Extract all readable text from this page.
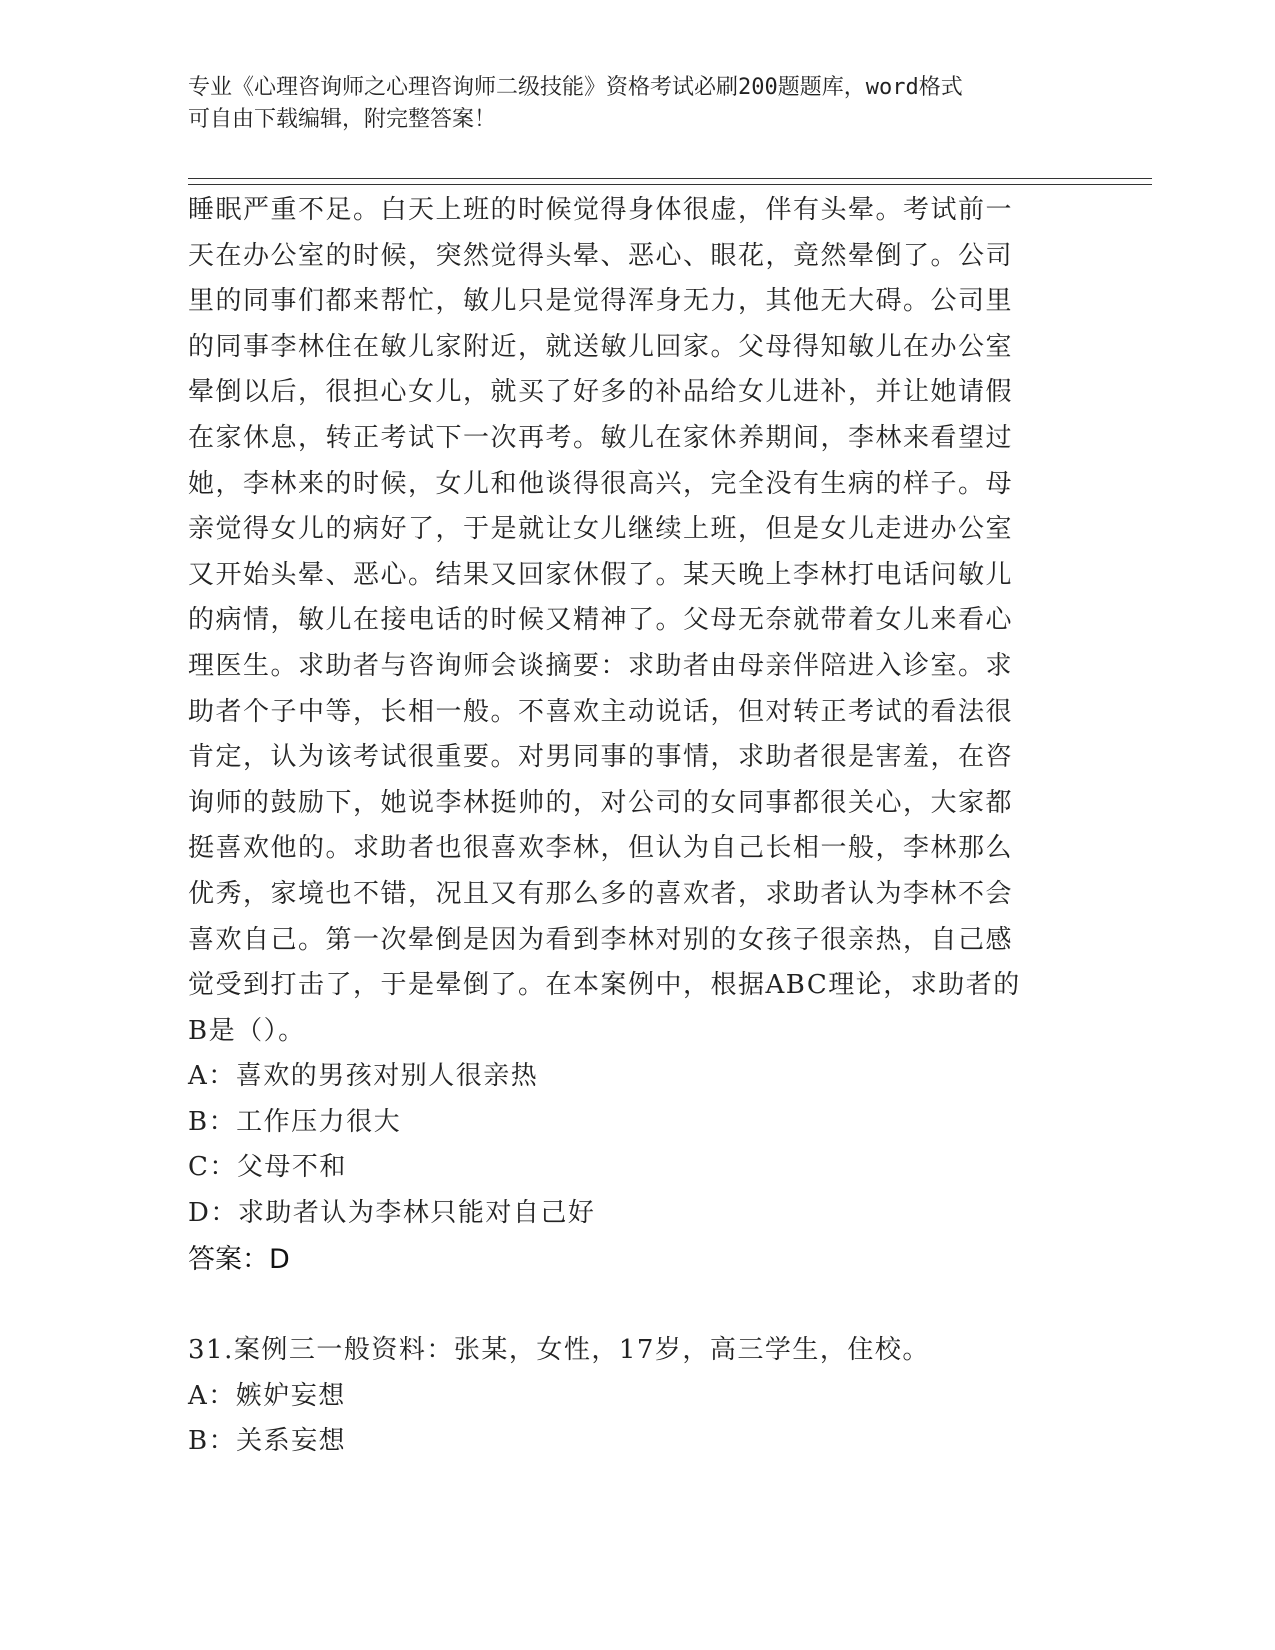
专业《心理咨询师之心理咨询师二级技能》资格考试必刷200题题库，word格式
可自由下载编辑，附完整答案！
睡眠严重不足。白天上班的时候觉得身体很虚，伴有头晕。考试前一
天在办公室的时候，突然觉得头晕、恶心、眼花，竟然晕倒了。公司
里的同事们都来帮忙，敏儿只是觉得浑身无力，其他无大碍。公司里
的同事李林住在敏儿家附近，就送敏儿回家。父母得知敏儿在办公室
晕倒以后，很担心女儿，就买了好多的补品给女儿进补，并让她请假
在家休息，转正考试下一次再考。敏儿在家休养期间，李林来看望过
她，李林来的时候，女儿和他谈得很高兴，完全没有生病的样子。母
亲觉得女儿的病好了，于是就让女儿继续上班，但是女儿走进办公室
又开始头晕、恶心。结果又回家休假了。某天晚上李林打电话问敏儿
的病情，敏儿在接电话的时候又精神了。父母无奈就带着女儿来看心
理医生。求助者与咨询师会谈摘要：求助者由母亲伴陪进入诊室。求
助者个子中等，长相一般。不喜欢主动说话，但对转正考试的看法很
肯定，认为该考试很重要。对男同事的事情，求助者很是害羞，在咨
询师的鼓励下，她说李林挺帅的，对公司的女同事都很关心，大家都
挺喜欢他的。求助者也很喜欢李林，但认为自己长相一般，李林那么
优秀，家境也不错，况且又有那么多的喜欢者，求助者认为李林不会
喜欢自己。第一次晕倒是因为看到李林对别的女孩子很亲热，自己感
觉受到打击了，于是晕倒了。在本案例中，根据ABC理论，求助者的
B是（）。
A：喜欢的男孩对别人很亲热
B：工作压力很大
C：父母不和
D：求助者认为李林只能对自己好
答案：D
31.案例三一般资料：张某，女性，17岁，高三学生，住校。
A：嫉妒妄想
B：关系妄想
